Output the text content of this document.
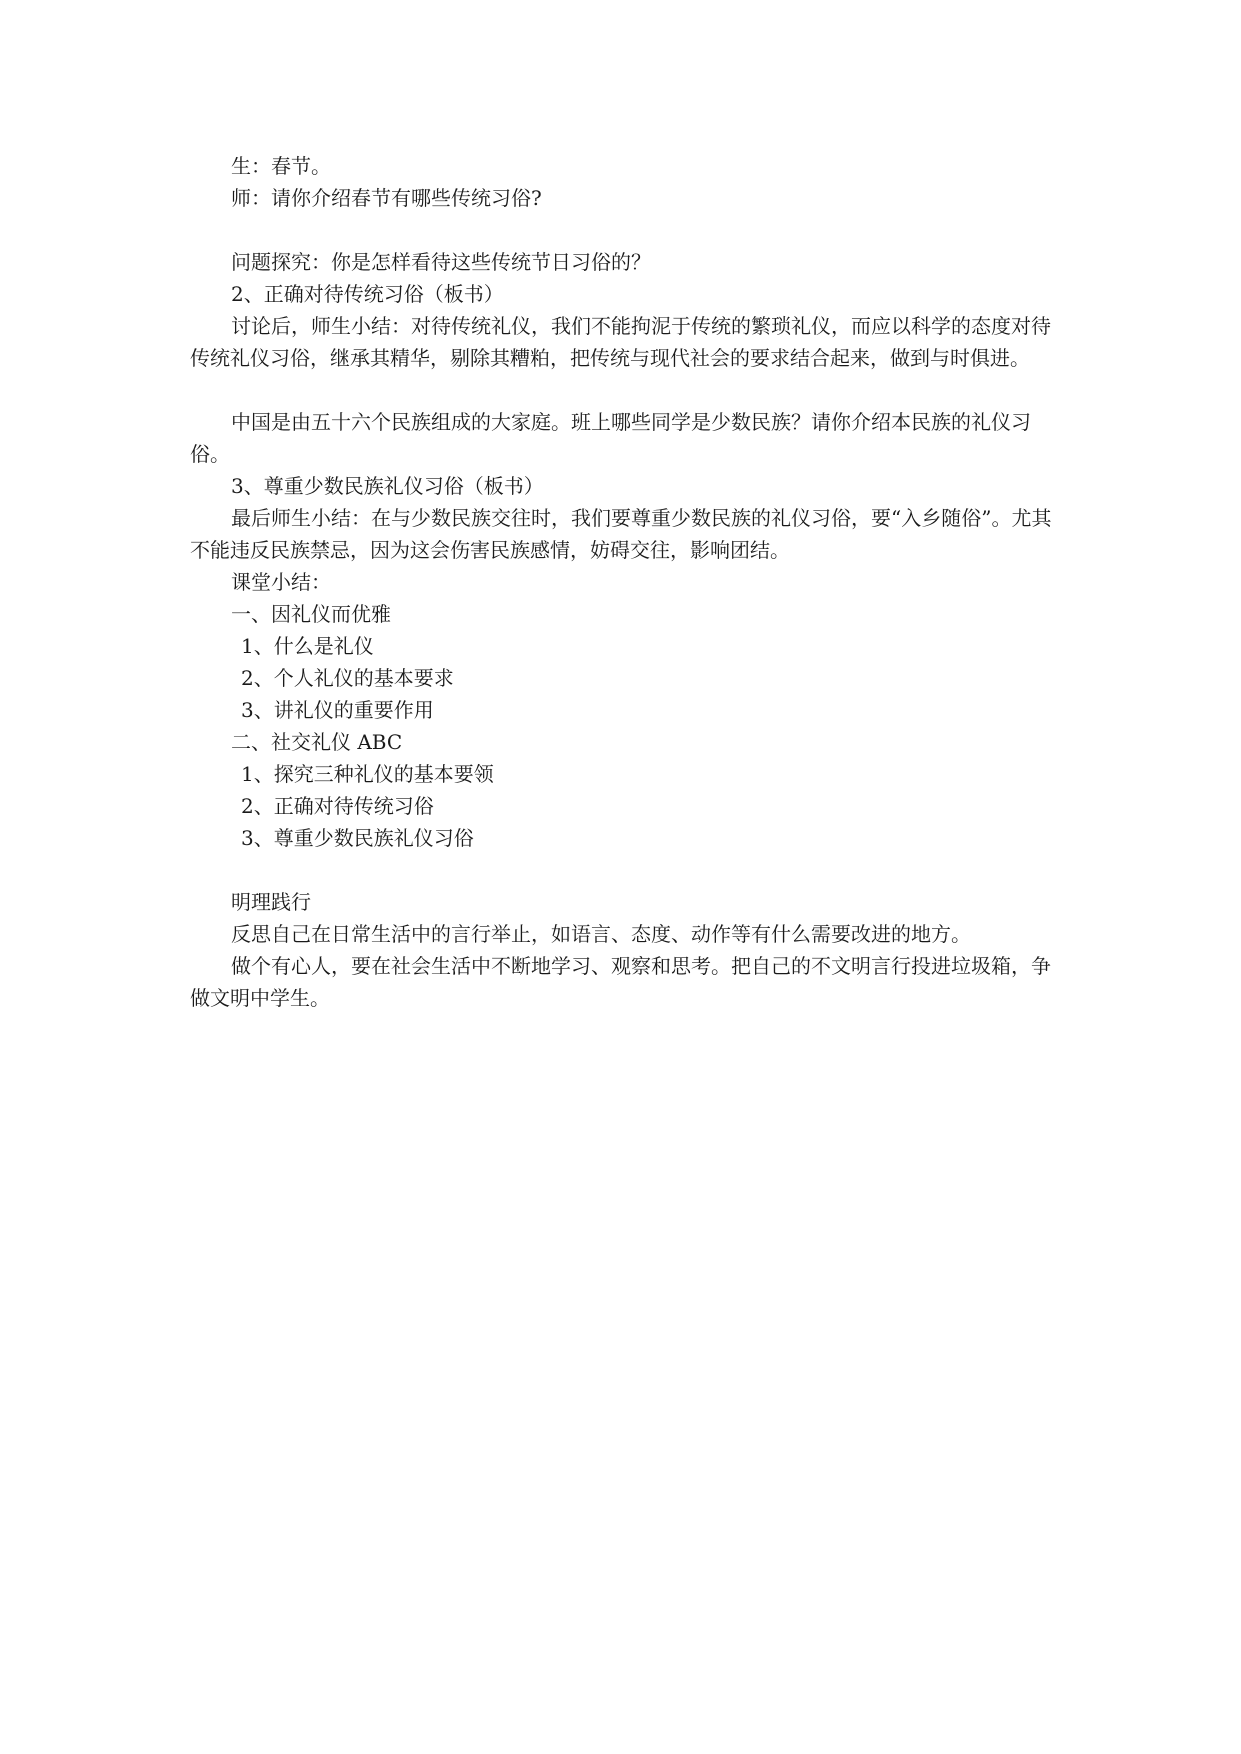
生：春节。

师：请你介绍春节有哪些传统习俗?

问题探究：你是怎样看待这些传统节日习俗的？

2、正确对待传统习俗（板书）

讨论后，师生小结：对待传统礼仪，我们不能拘泥于传统的繁琐礼仪，而应以科学的态度对待传统礼仪习俗，继承其精华，剔除其糟粕，把传统与现代社会的要求结合起来，做到与时俱进。

中国是由五十六个民族组成的大家庭。班上哪些同学是少数民族？请你介绍本民族的礼仪习俗。

3、尊重少数民族礼仪习俗（板书）

最后师生小结：在与少数民族交往时，我们要尊重少数民族的礼仪习俗，要“入乡随俗”。尤其不能违反民族禁忌，因为这会伤害民族感情，妨碍交往，影响团结。

课堂小结：

一、因礼仪而优雅

1、什么是礼仪

2、个人礼仪的基本要求

3、讲礼仪的重要作用

二、社交礼仪 ABC

1、探究三种礼仪的基本要领

2、正确对待传统习俗

3、尊重少数民族礼仪习俗

明理践行

反思自己在日常生活中的言行举止，如语言、态度、动作等有什么需要改进的地方。

做个有心人，要在社会生活中不断地学习、观察和思考。把自己的不文明言行投进垃圾箱，争做文明中学生。
